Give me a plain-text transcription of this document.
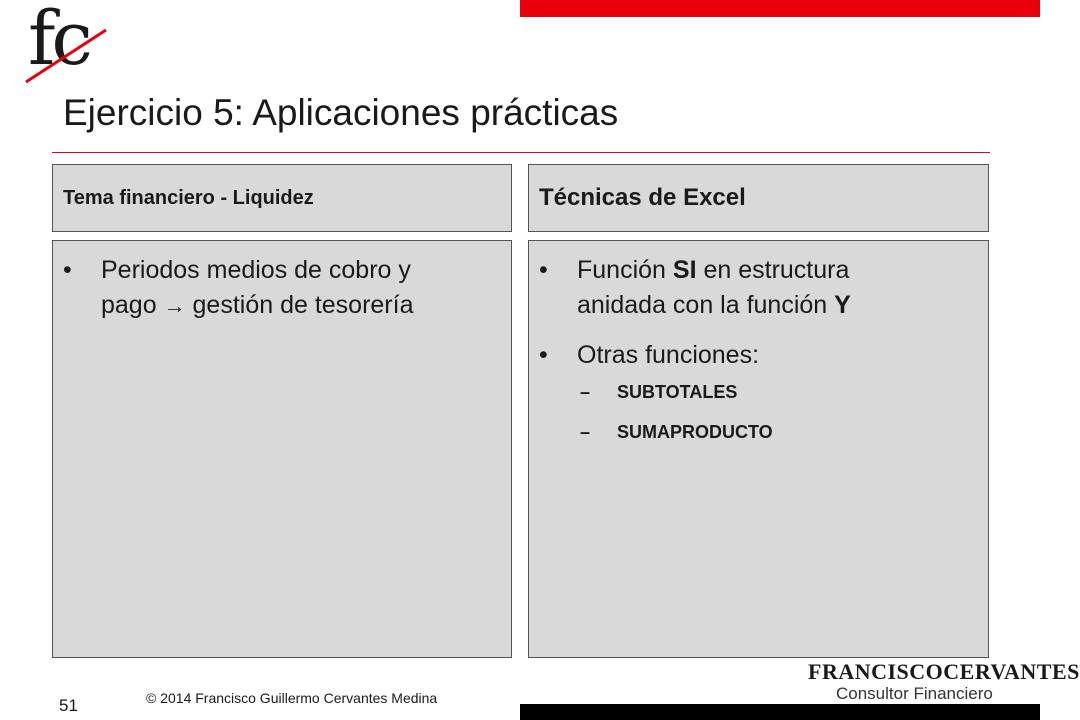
fc
Ejercicio 5: Aplicaciones prácticas
Tema financiero - Liquidez	Técnicas de Excel
• Periodos medios de cobro y
pago → gestión de tesorería
• Función SI en estructura
anidada con la función Y
• Otras funciones:
– SUBTOTALES
– SUMAPRODUCTO
FRANCISCOCERVANTES
Consultor Financiero
© 2014 Francisco Guillermo Cervantes Medina
51
